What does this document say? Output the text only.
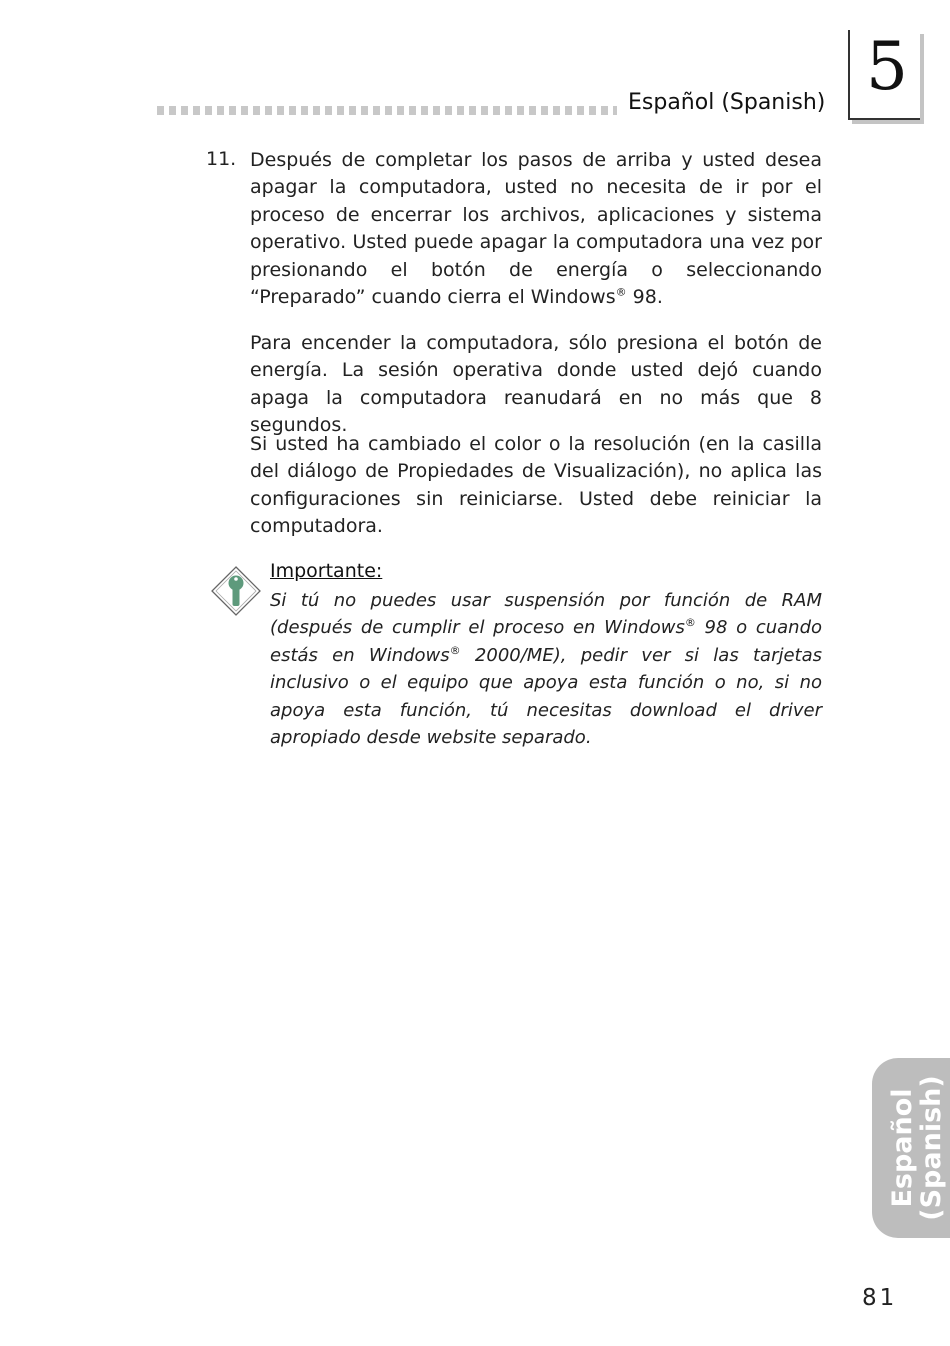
Español (Spanish) 5
11. Después de completar los pasos de arriba y usted desea apagar la computadora, usted no necesita de ir por el proceso de encerrar los archivos, aplicaciones y sistema operativo. Usted puede apagar la computadora una vez por presionando el botón de energía o seleccionando “Preparado” cuando cierra el Windows® 98.

Para encender la computadora, sólo presiona el botón de energía. La sesión operativa donde usted dejó cuando apaga la computadora reanudará en no más que 8 segundos.

Si usted ha cambiado el color o la resolución (en la casilla del diálogo de Propiedades de Visualización), no aplica las configuraciones sin reiniciarse. Usted debe reiniciar la computadora.

Importante:

Si tú no puedes usar suspensión por función de RAM (después de cumplir el proceso en Windows® 98 o cuando estás en Windows® 2000/ME), pedir ver si las tarjetas inclusivo o el equipo que apoya esta función o no, si no apoya esta función, tú necesitas download el driver apropiado desde website separado.

Español
(Spanish)
81
